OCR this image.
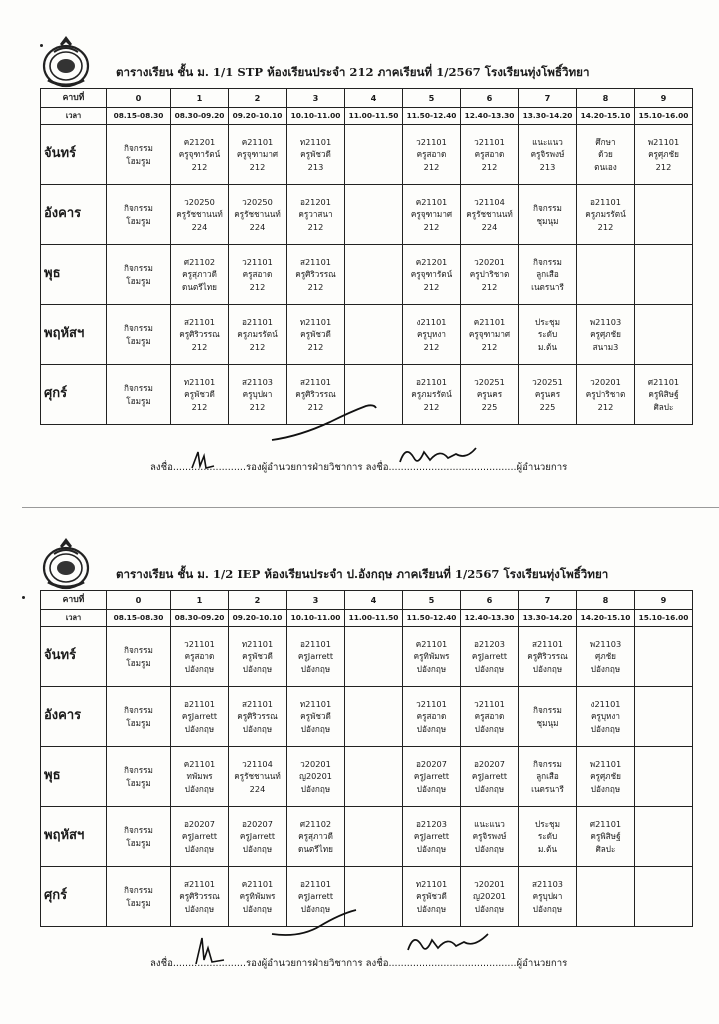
ตารางเรียน ชั้น ม. 1/1 STP ห้องเรียนประจำ 212 ภาคเรียนที่ 1/2567 โรงเรียนทุ่งโพธิ์วิทยา
คาบที่	0	1	2	3	4	5	6	7	8	9
เวลา	08.15-08.30	08.30-09.20	09.20-10.10	10.10-11.00	11.00-11.50	11.50-12.40	12.40-13.30	13.30-14.20	14.20-15.10	15.10-16.00
จันทร์	กิจกรรม
โฮมรูม	ค21201
ครูจุฑารัตน์
212	ค21101
ครูจุฑามาศ
212	ท21101
ครูพัชวดี
213		ว21101
ครูสอาด
212	ว21101
ครูสอาด
212	แนะแนว
ครูจิรพงษ์
213	ศึกษา
ด้วย
ตนเอง	พ21101
ครูศุภชัย
212

อังคาร	กิจกรรม
โฮมรูม	ว20250
ครูรัชชานนท์
224	ว20250
ครูรัชชานนท์
224	อ21201
ครูวาสนา
212		ค21101
ครูจุฑามาศ
212	ว21104
ครูรัชชานนท์
224	กิจกรรม
ชุมนุม	อ21101
ครูภมรรัตน์
212	

พุธ	กิจกรรม
โฮมรูม	ศ21102
ครูสุภาวดี
ดนตรีไทย	ว21101
ครูสอาด
212	ส21101
ครูศิริวรรณ
212		ค21201
ครูจุฑารัตน์
212	ว20201
ครูปาริชาต
212	กิจกรรม
ลูกเสือ
เนตรนารี		

พฤหัสฯ	กิจกรรม
โฮมรูม	ส21101
ครูศิริวรรณ
212	อ21101
ครูภมรรัตน์
212	ท21101
ครูพัชวดี
212		ง21101
ครูบุหงา
212	ค21101
ครูจุฑามาศ
212	ประชุม
ระดับ
ม.ต้น	พ21103
ครูศุภชัย
สนาม3	

ศุกร์	กิจกรรม
โฮมรูม	ท21101
ครูพัชวดี
212	ส21103
ครูบุปผา
212	ส21101
ครูศิริวรรณ
212		อ21101
ครูภมรรัตน์
212	ว20251
ครูนคร
225	ว20251
ครูนคร
225	ว20201
ครูปาริชาต
212	ศ21101
ครูพิสิษฐ์
ศิลปะ
ลงชื่อ........................รองผู้อำนวยการฝ่ายวิชาการ ลงชื่อ..........................................ผู้อำนวยการ
ตารางเรียน ชั้น ม. 1/2 IEP ห้องเรียนประจำ ป.อังกฤษ ภาคเรียนที่ 1/2567 โรงเรียนทุ่งโพธิ์วิทยา
คาบที่	0	1	2	3	4	5	6	7	8	9
เวลา	08.15-08.30	08.30-09.20	09.20-10.10	10.10-11.00	11.00-11.50	11.50-12.40	12.40-13.30	13.30-14.20	14.20-15.10	15.10-16.00
จันทร์	กิจกรรม
โฮมรูม	ว21101
ครูสอาด
ปอังกฤษ	ท21101
ครูพัชวดี
ปอังกฤษ	อ21101
ครูJarrett
ปอังกฤษ		ค21101
ครูทิพัมพร
ปอังกฤษ	อ21203
ครูJarrett
ปอังกฤษ	ส21101
ครูศิริวรรณ
ปอังกฤษ	พ21103
ศุภชัย
ปอังกฤษ	

อังคาร	กิจกรรม
โฮมรูม	อ21101
ครูJarrett
ปอังกฤษ	ส21101
ครูศิริวรรณ
ปอังกฤษ	ท21101
ครูพัชวดี
ปอังกฤษ		ว21101
ครูสอาด
ปอังกฤษ	ว21101
ครูสอาด
ปอังกฤษ	กิจกรรม
ชุมนุม	ง21101
ครูบุหงา
ปอังกฤษ	

พุธ	กิจกรรม
โฮมรูม	ค21101
ทพัมพร
ปอังกฤษ	ว21104
ครูรัชชานนท์
224	ว20201
ญ20201
ปอังกฤษ		อ20207
ครูJarrett
ปอังกฤษ	อ20207
ครูJarrett
ปอังกฤษ	กิจกรรม
ลูกเสือ
เนตรนารี	พ21101
ครูศุภชัย
ปอังกฤษ	

พฤหัสฯ	กิจกรรม
โฮมรูม	อ20207
ครูJarrett
ปอังกฤษ	อ20207
ครูJarrett
ปอังกฤษ	ศ21102
ครูสุภาวดี
ดนตรีไทย		อ21203
ครูJarrett
ปอังกฤษ	แนะแนว
ครูจิรพงษ์
ปอังกฤษ	ประชุม
ระดับ
ม.ต้น	ศ21101
ครูพิสิษฐ์
ศิลปะ	

ศุกร์	กิจกรรม
โฮมรูม	ส21101
ครูศิริวรรณ
ปอังกฤษ	ค21101
ครูทิพัมพร
ปอังกฤษ	อ21101
ครูJarrett
ปอังกฤษ		ท21101
ครูพัชวดี
ปอังกฤษ	ว20201
ญ20201
ปอังกฤษ	ส21103
ครูบุปผา
ปอังกฤษ		

ลงชื่อ........................รองผู้อำนวยการฝ่ายวิชาการ ลงชื่อ..........................................ผู้อำนวยการ
